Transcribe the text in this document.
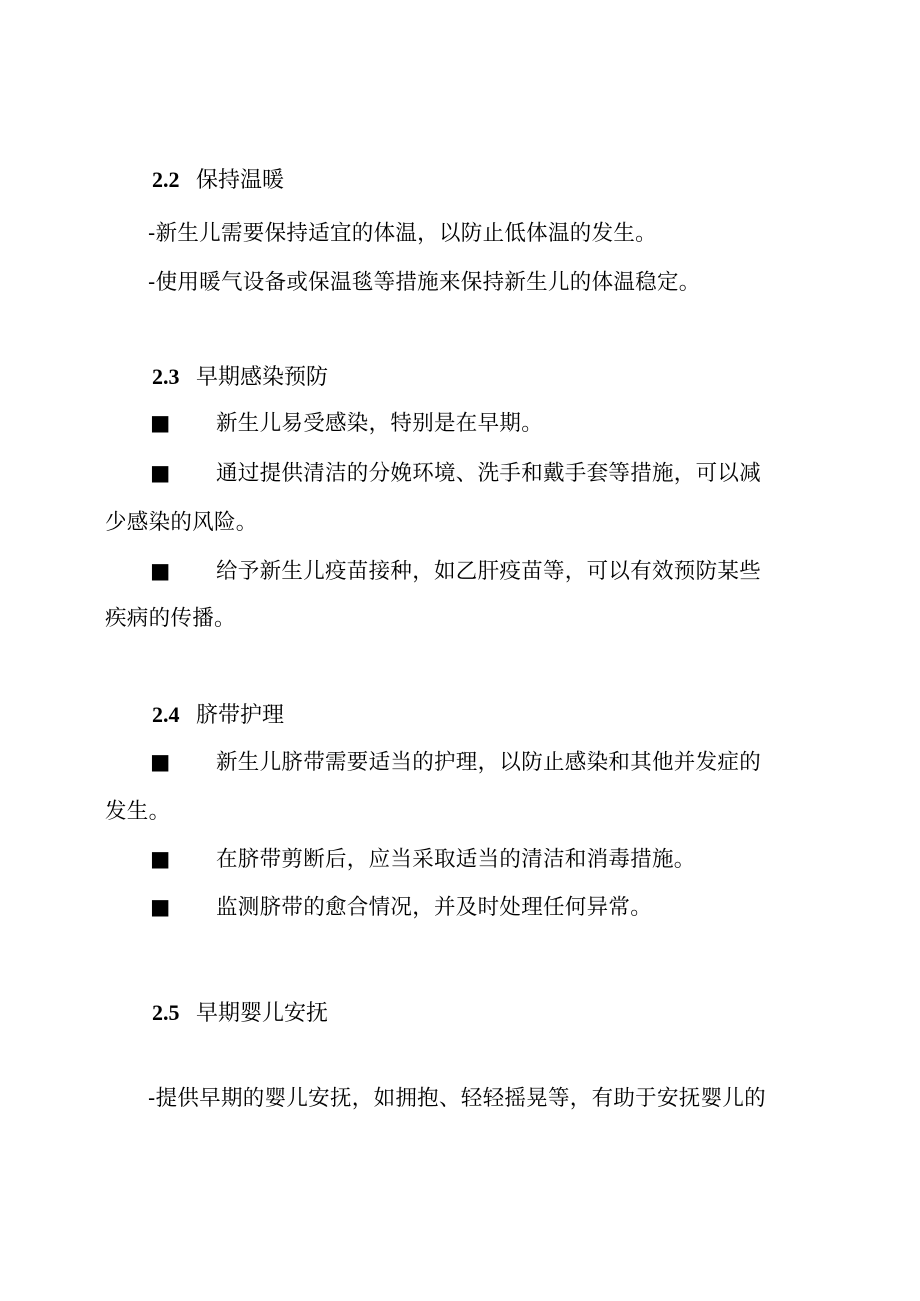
2.2 保持温暖

-新生儿需要保持适宜的体温，以防止低体温的发生。

-使用暖气设备或保温毯等措施来保持新生儿的体温稳定。

2.3 早期感染预防

■ 新生儿易受感染，特别是在早期。

■ 通过提供清洁的分娩环境、洗手和戴手套等措施，可以减

少感染的风险。

■ 给予新生儿疫苗接种，如乙肝疫苗等，可以有效预防某些

疾病的传播。

2.4 脐带护理

■ 新生儿脐带需要适当的护理，以防止感染和其他并发症的

发生。

■ 在脐带剪断后，应当采取适当的清洁和消毒措施。

■ 监测脐带的愈合情况，并及时处理任何异常。

2.5 早期婴儿安抚

-提供早期的婴儿安抚，如拥抱、轻轻摇晃等，有助于安抚婴儿的
